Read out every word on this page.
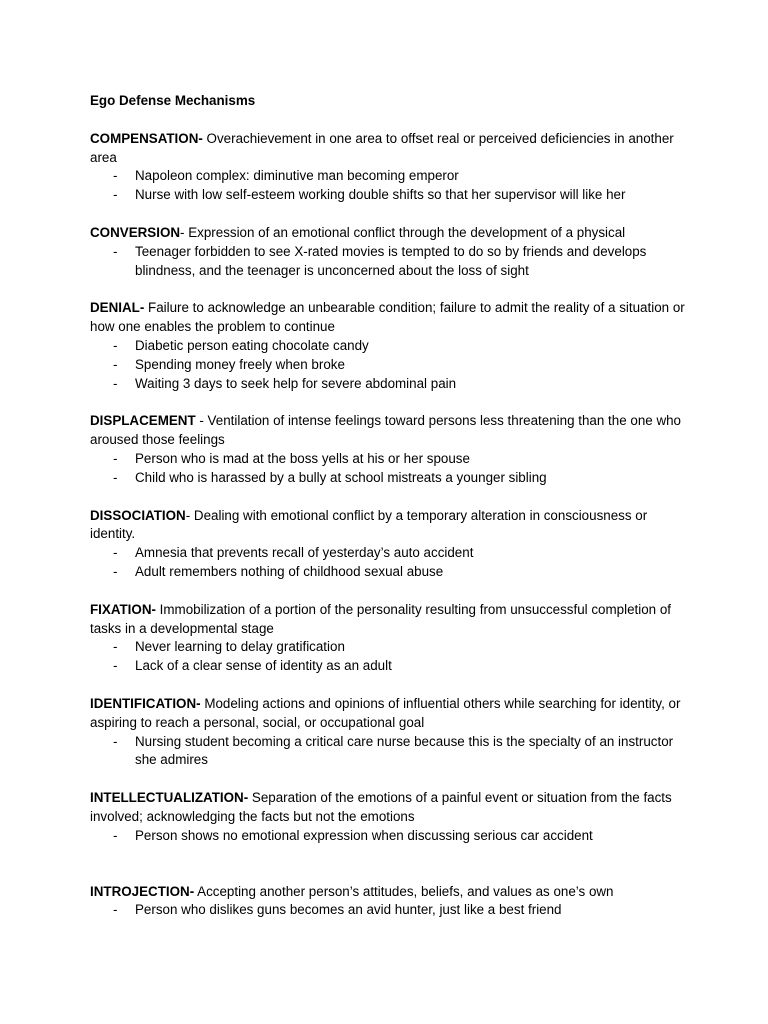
Ego Defense Mechanisms

COMPENSATION- Overachievement in one area to offset real or perceived deficiencies in another area

- Napoleon complex: diminutive man becoming emperor
- Nurse with low self-esteem working double shifts so that her supervisor will like her

CONVERSION- Expression of an emotional conflict through the development of a physical

- Teenager forbidden to see X-rated movies is tempted to do so by friends and develops blindness, and the teenager is unconcerned about the loss of sight

DENIAL- Failure to acknowledge an unbearable condition; failure to admit the reality of a situation or how one enables the problem to continue

- Diabetic person eating chocolate candy
- Spending money freely when broke
- Waiting 3 days to seek help for severe abdominal pain

DISPLACEMENT - Ventilation of intense feelings toward persons less threatening than the one who aroused those feelings

- Person who is mad at the boss yells at his or her spouse
- Child who is harassed by a bully at school mistreats a younger sibling

DISSOCIATION- Dealing with emotional conflict by a temporary alteration in consciousness or identity.

- Amnesia that prevents recall of yesterday’s auto accident
- Adult remembers nothing of childhood sexual abuse

FIXATION- Immobilization of a portion of the personality resulting from unsuccessful completion of tasks in a developmental stage

- Never learning to delay gratification
- Lack of a clear sense of identity as an adult

IDENTIFICATION- Modeling actions and opinions of influential others while searching for identity, or aspiring to reach a personal, social, or occupational goal

- Nursing student becoming a critical care nurse because this is the specialty of an instructor she admires

INTELLECTUALIZATION- Separation of the emotions of a painful event or situation from the facts involved; acknowledging the facts but not the emotions

- Person shows no emotional expression when discussing serious car accident

INTROJECTION- Accepting another person’s attitudes, beliefs, and values as one’s own

- Person who dislikes guns becomes an avid hunter, just like a best friend
